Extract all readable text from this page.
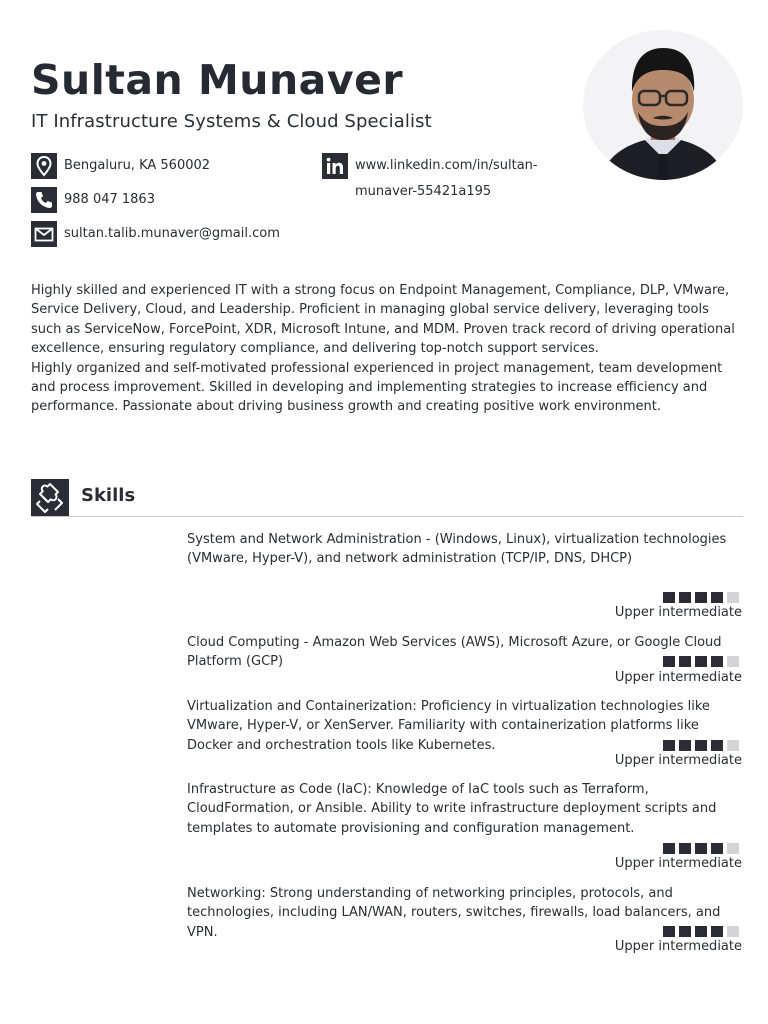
Sultan Munaver
IT Infrastructure Systems & Cloud Specialist
Bengaluru, KA 560002
988 047 1863
sultan.talib.munaver@gmail.com
www.linkedin.com/in/sultan-
munaver-55421a195

Highly skilled and experienced IT with a strong focus on Endpoint Management, Compliance, DLP, VMware, Service Delivery, Cloud, and Leadership. Proficient in managing global service delivery, leveraging tools such as ServiceNow, ForcePoint, XDR, Microsoft Intune, and MDM. Proven track record of driving operational excellence, ensuring regulatory compliance, and delivering top-notch support services.

Highly organized and self-motivated professional experienced in project management, team development and process improvement. Skilled in developing and implementing strategies to increase efficiency and performance. Passionate about driving business growth and creating positive work environment.

Skills
System and Network Administration - (Windows, Linux), virtualization technologies (VMware, Hyper-V), and network administration (TCP/IP, DNS, DHCP)
Upper intermediate
Cloud Computing - Amazon Web Services (AWS), Microsoft Azure, or Google Cloud Platform (GCP)
Upper intermediate
Virtualization and Containerization: Proficiency in virtualization technologies like VMware, Hyper-V, or XenServer. Familiarity with containerization platforms like Docker and orchestration tools like Kubernetes.
Upper intermediate
Infrastructure as Code (IaC): Knowledge of IaC tools such as Terraform, CloudFormation, or Ansible. Ability to write infrastructure deployment scripts and templates to automate provisioning and configuration management.
Upper intermediate
Networking: Strong understanding of networking principles, protocols, and technologies, including LAN/WAN, routers, switches, firewalls, load balancers, and VPN.
Upper intermediate
